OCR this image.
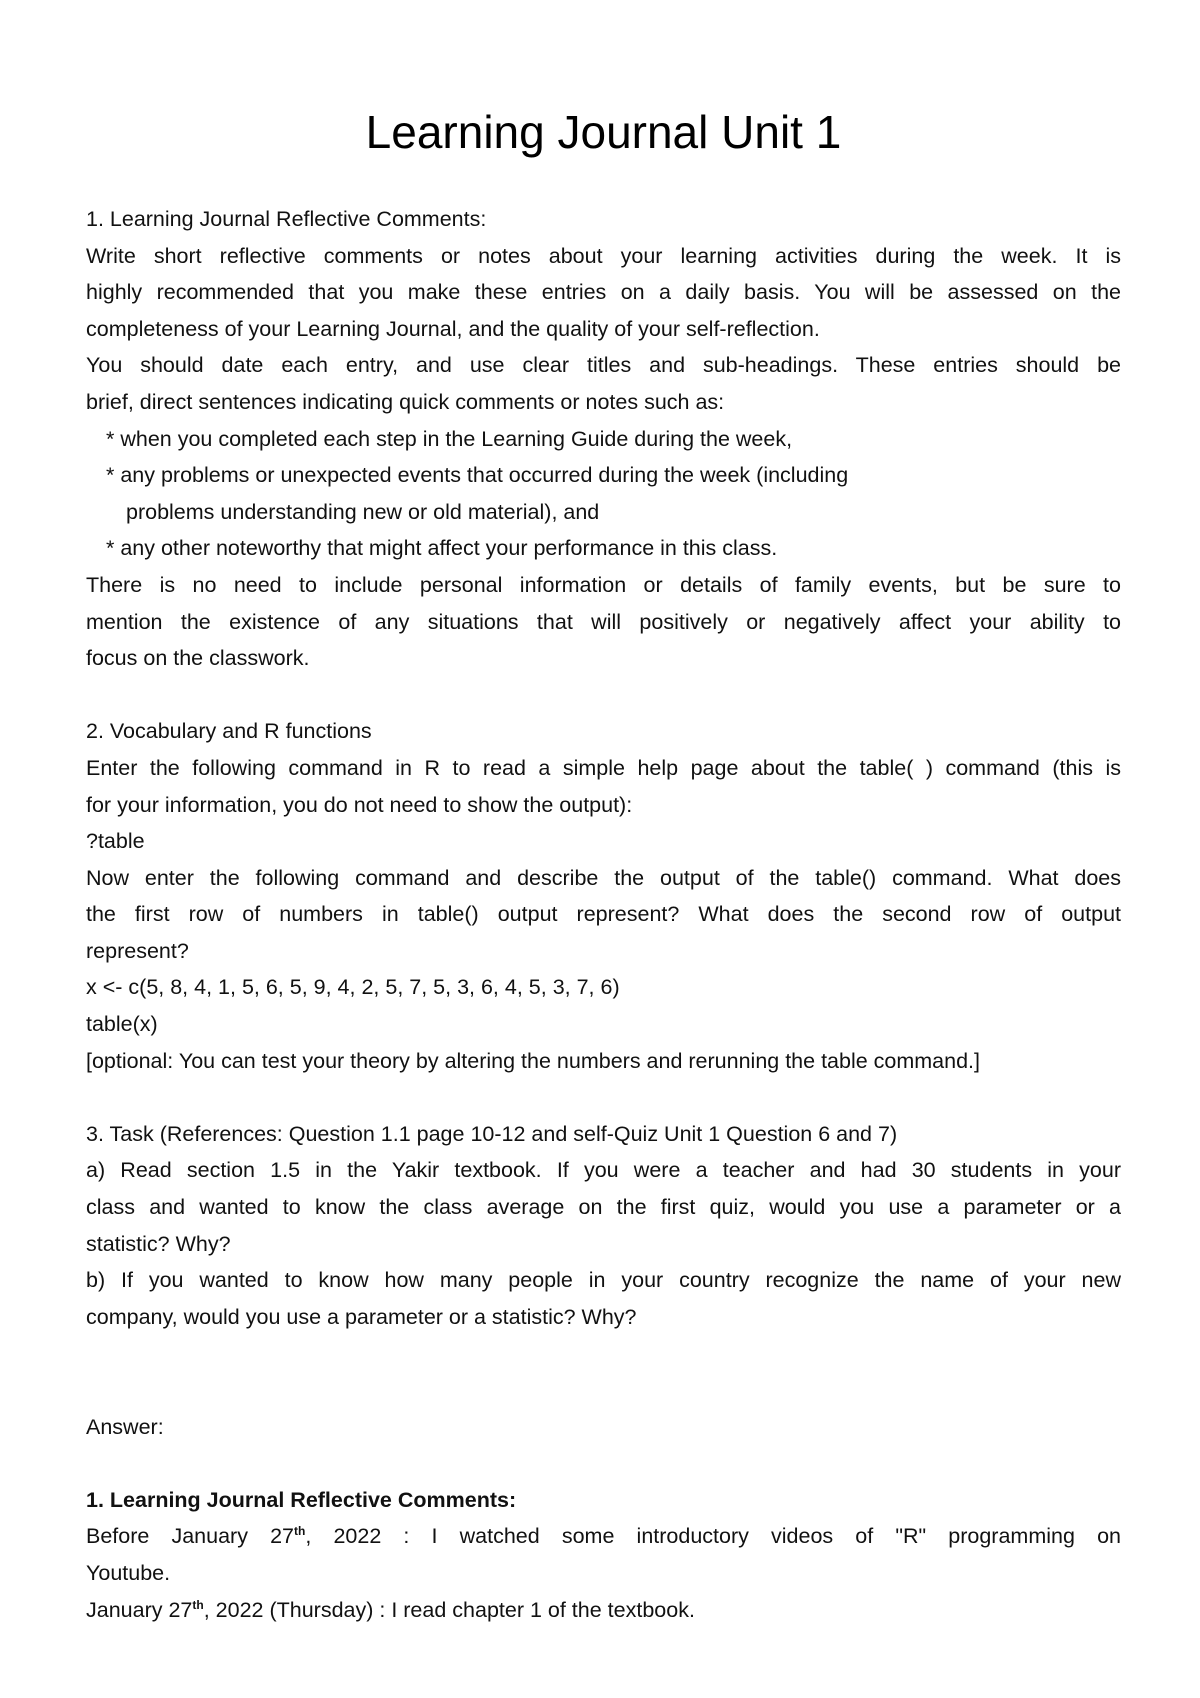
Learning Journal Unit 1
1. Learning Journal Reflective Comments:
Write short reflective comments or notes about your learning activities during the week. It is
highly recommended that you make these entries on a daily basis. You will be assessed on the
completeness of your Learning Journal, and the quality of your self-reflection.
You should date each entry, and use clear titles and sub-headings. These entries should be
brief, direct sentences indicating quick comments or notes such as:
* when you completed each step in the Learning Guide during the week,
* any problems or unexpected events that occurred during the week (including
problems understanding new or old material), and
* any other noteworthy that might affect your performance in this class.
There is no need to include personal information or details of family events, but be sure to
mention the existence of any situations that will positively or negatively affect your ability to
focus on the classwork.
2. Vocabulary and R functions
Enter the following command in R to read a simple help page about the table( ) command (this is
for your information, you do not need to show the output):
?table
Now enter the following command and describe the output of the table() command. What does
the first row of numbers in table() output represent? What does the second row of output
represent?
x <- c(5, 8, 4, 1, 5, 6, 5, 9, 4, 2, 5, 7, 5, 3, 6, 4, 5, 3, 7, 6)
table(x)
[optional: You can test your theory by altering the numbers and rerunning the table command.]
3. Task (References: Question 1.1 page 10-12 and self-Quiz Unit 1 Question 6 and 7)
a) Read section 1.5 in the Yakir textbook. If you were a teacher and had 30 students in your
class and wanted to know the class average on the first quiz, would you use a parameter or a
statistic? Why?
b) If you wanted to know how many people in your country recognize the name of your new
company, would you use a parameter or a statistic? Why?
Answer:
1. Learning Journal Reflective Comments:
Before January 27th, 2022 : I watched some introductory videos of "R" programming on
Youtube.
January 27th, 2022 (Thursday) : I read chapter 1 of the textbook.
